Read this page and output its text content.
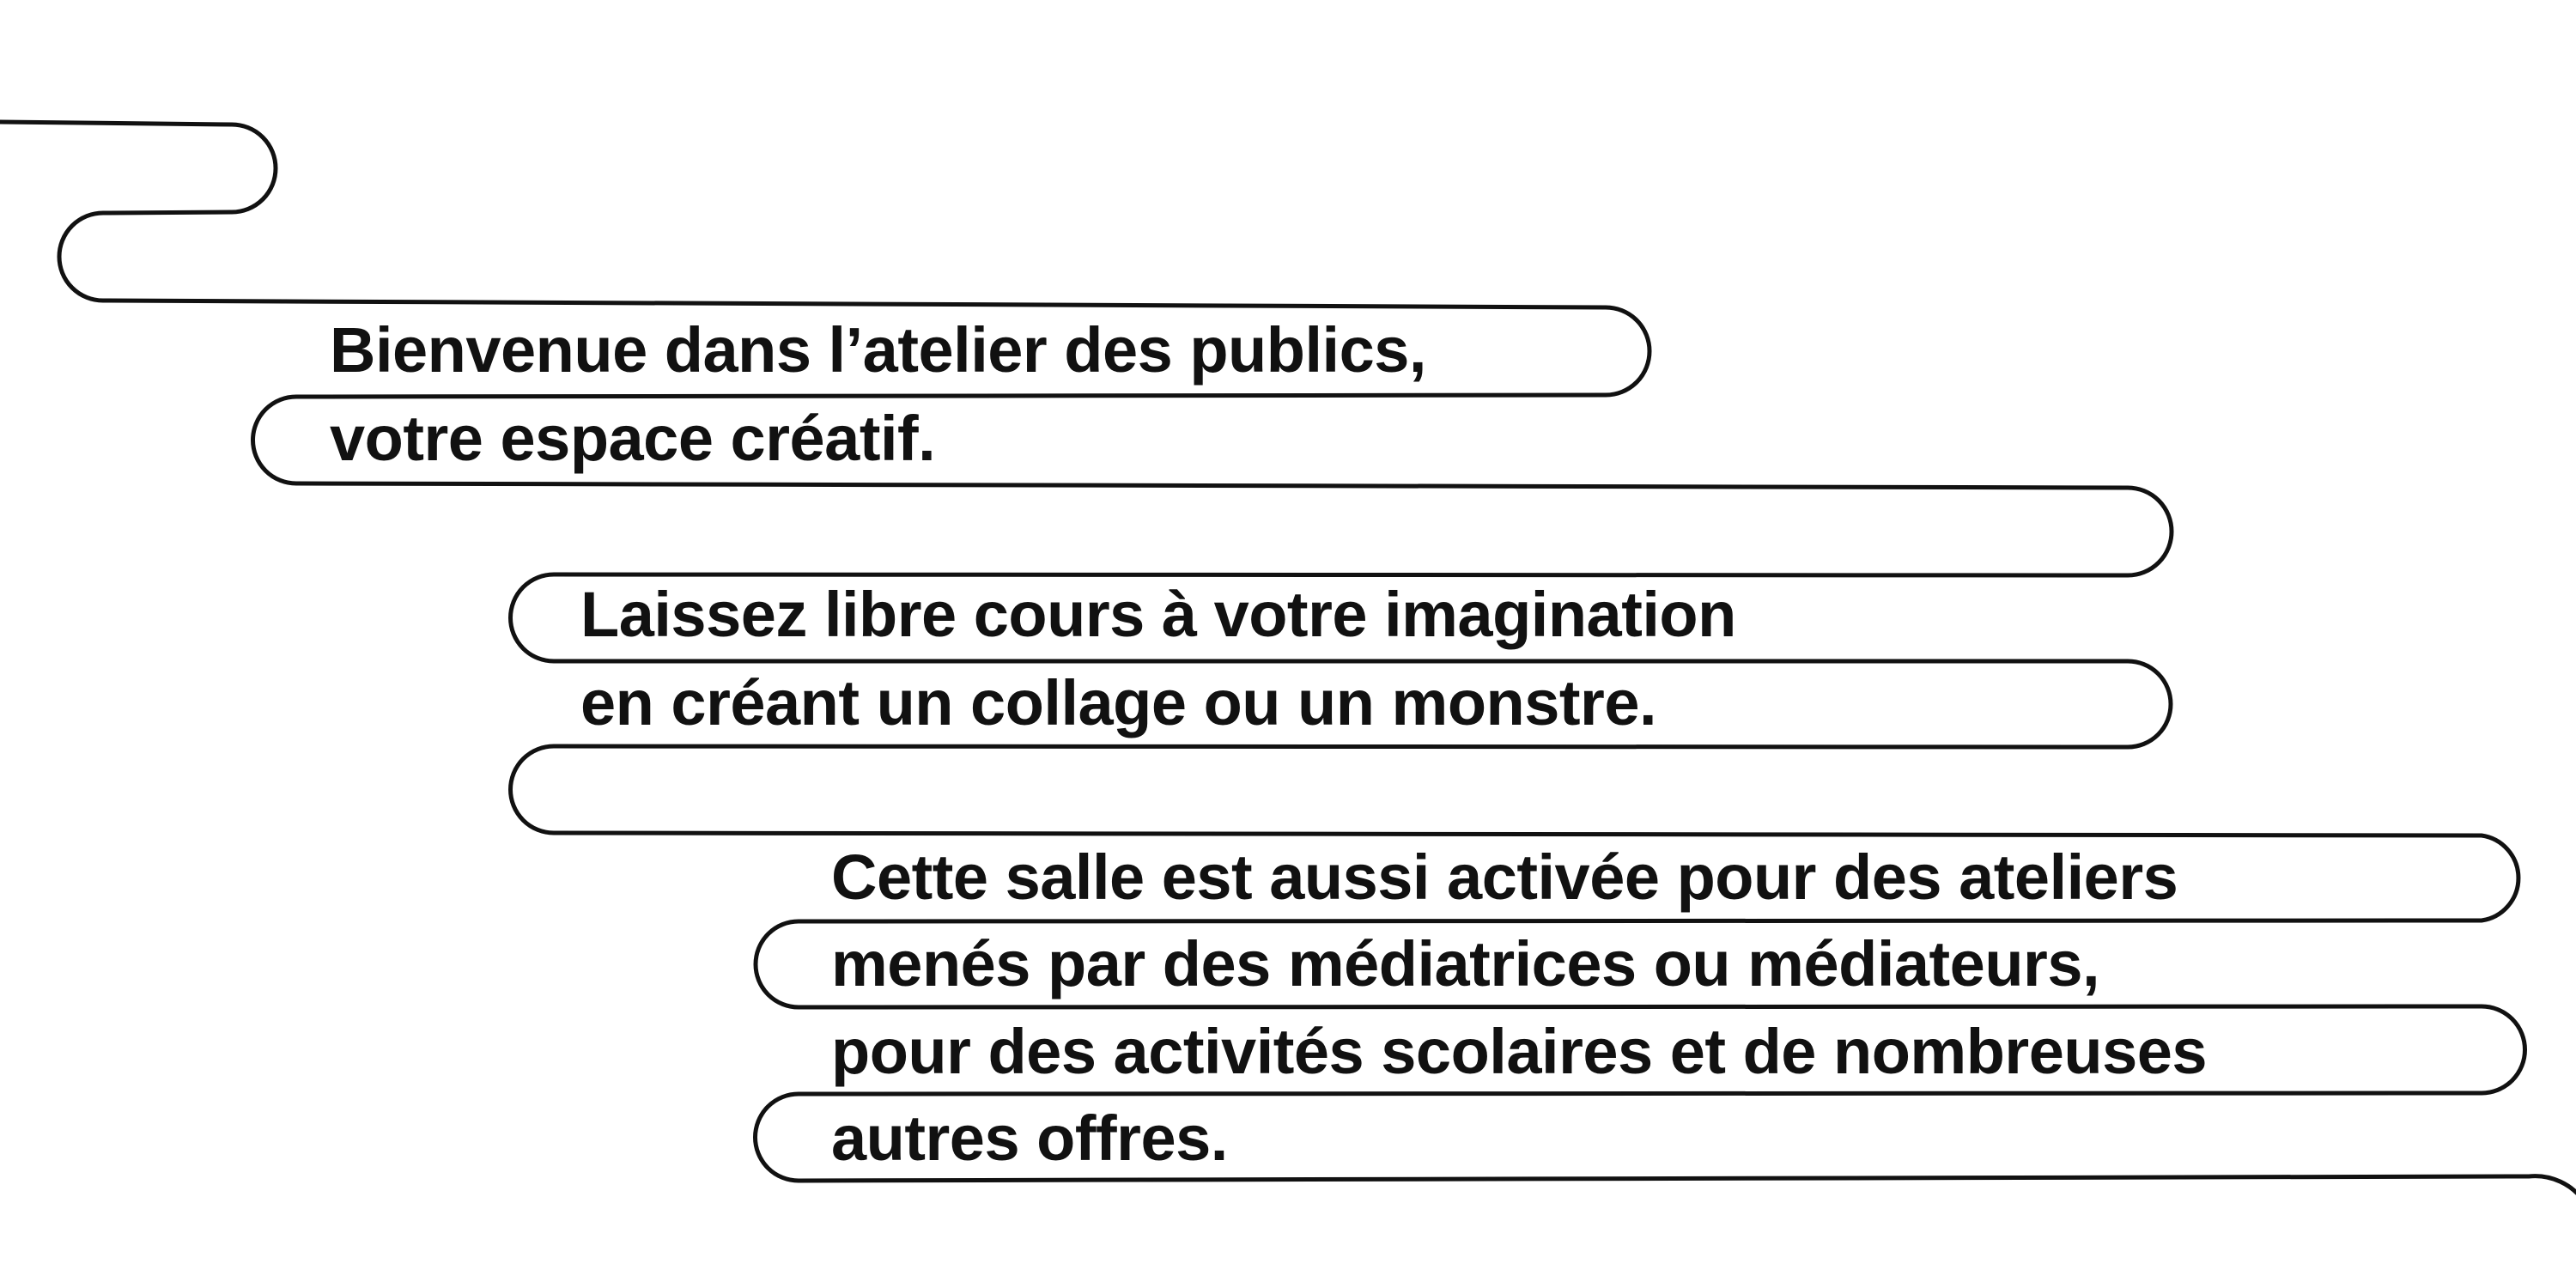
Bienvenue dans l’atelier des publics,

votre espace créatif.

Laissez libre cours à votre imagination

en créant un collage ou un monstre.

Cette salle est aussi activée pour des ateliers

menés par des médiatrices ou médiateurs,

pour des activités scolaires et de nombreuses

autres offres.
